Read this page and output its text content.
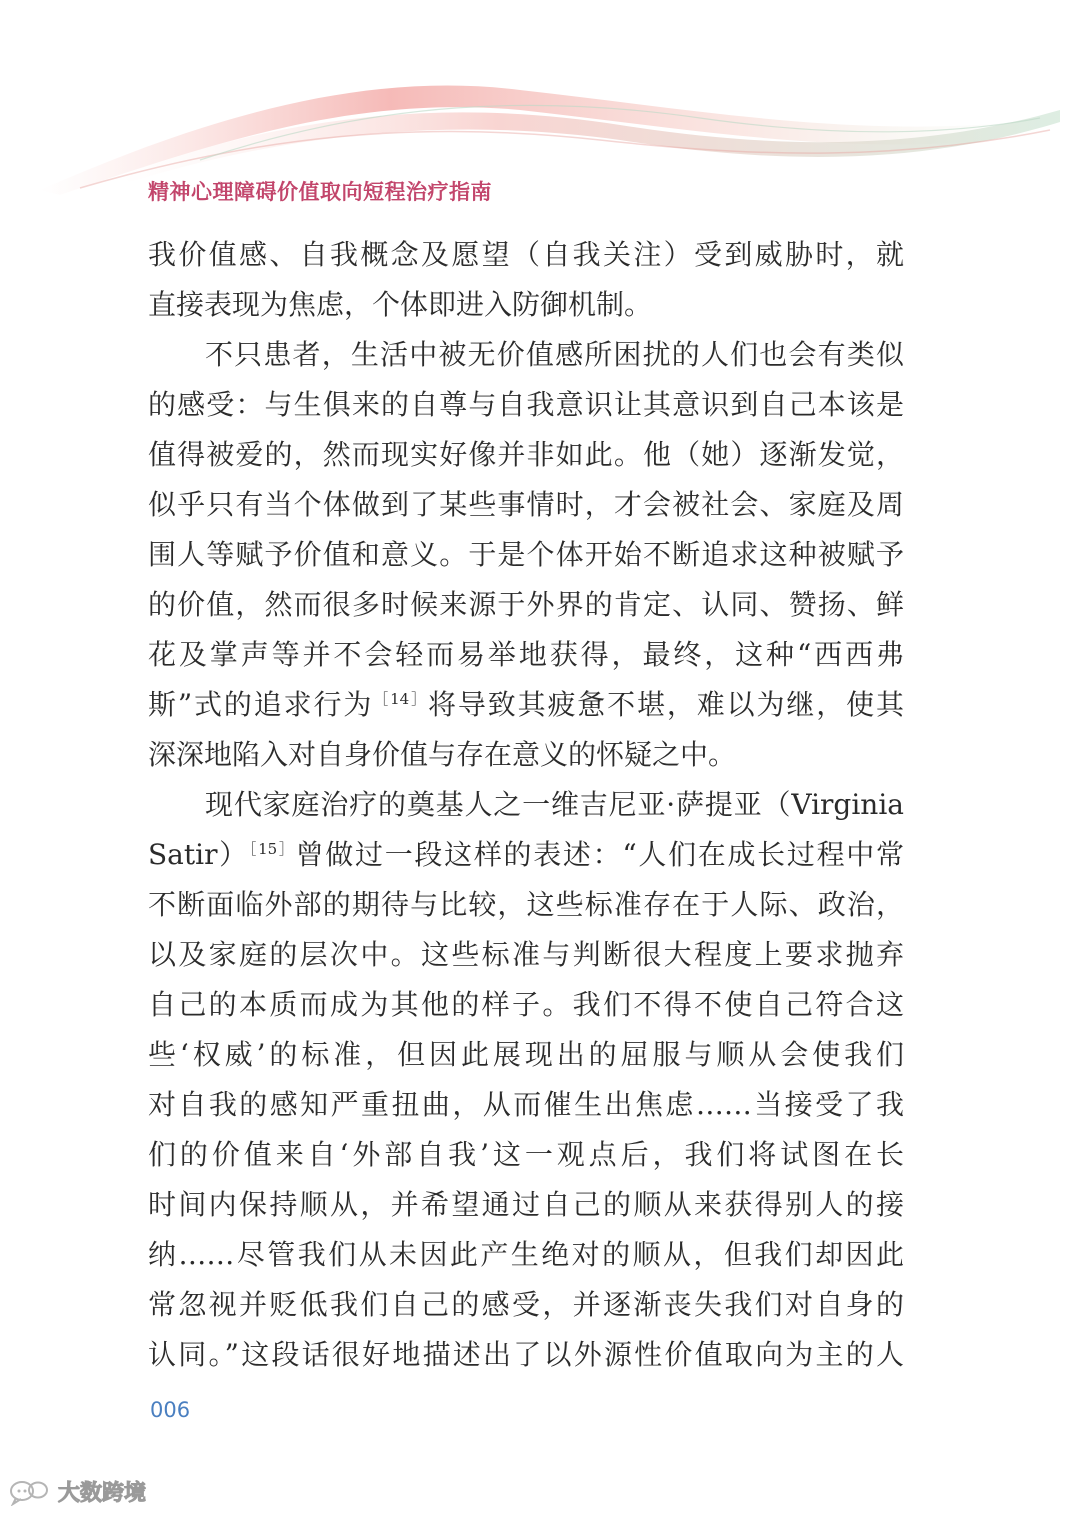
精神心理障碍价值取向短程治疗指南
我价值感、自我概念及愿望（自我关注）受到威胁时，就
直接表现为焦虑，个体即进入防御机制。
不只患者，生活中被无价值感所困扰的人们也会有类似
的感受：与生俱来的自尊与自我意识让其意识到自己本该是
值得被爱的，然而现实好像并非如此。他（她）逐渐发觉，
似乎只有当个体做到了某些事情时，才会被社会、家庭及周
围人等赋予价值和意义。于是个体开始不断追求这种被赋予
的价值，然而很多时候来源于外界的肯定、认同、赞扬、鲜
花及掌声等并不会轻而易举地获得，最终，这种“西西弗
斯”式的追求行为$^{[14]}$将导致其疲惫不堪，难以为继，使其
深深地陷入对自身价值与存在意义的怀疑之中。
现代家庭治疗的奠基人之一维吉尼亚·萨提亚（Virginia
Satir）$^{[15]}$曾做过一段这样的表述：“人们在成长过程中常
不断面临外部的期待与比较，这些标准存在于人际、政治，
以及家庭的层次中。这些标准与判断很大程度上要求抛弃
自己的本质而成为其他的样子。我们不得不使自己符合这
些‘权威’的标准，但因此展现出的屈服与顺从会使我们
对自我的感知严重扭曲，从而催生出焦虑……当接受了我
们的价值来自‘外部自我’这一观点后，我们将试图在长
时间内保持顺从，并希望通过自己的顺从来获得别人的接
纳……尽管我们从未因此产生绝对的顺从，但我们却因此
常忽视并贬低我们自己的感受，并逐渐丧失我们对自身的
认同。”这段话很好地描述出了以外源性价值取向为主的人
006
大数跨境
